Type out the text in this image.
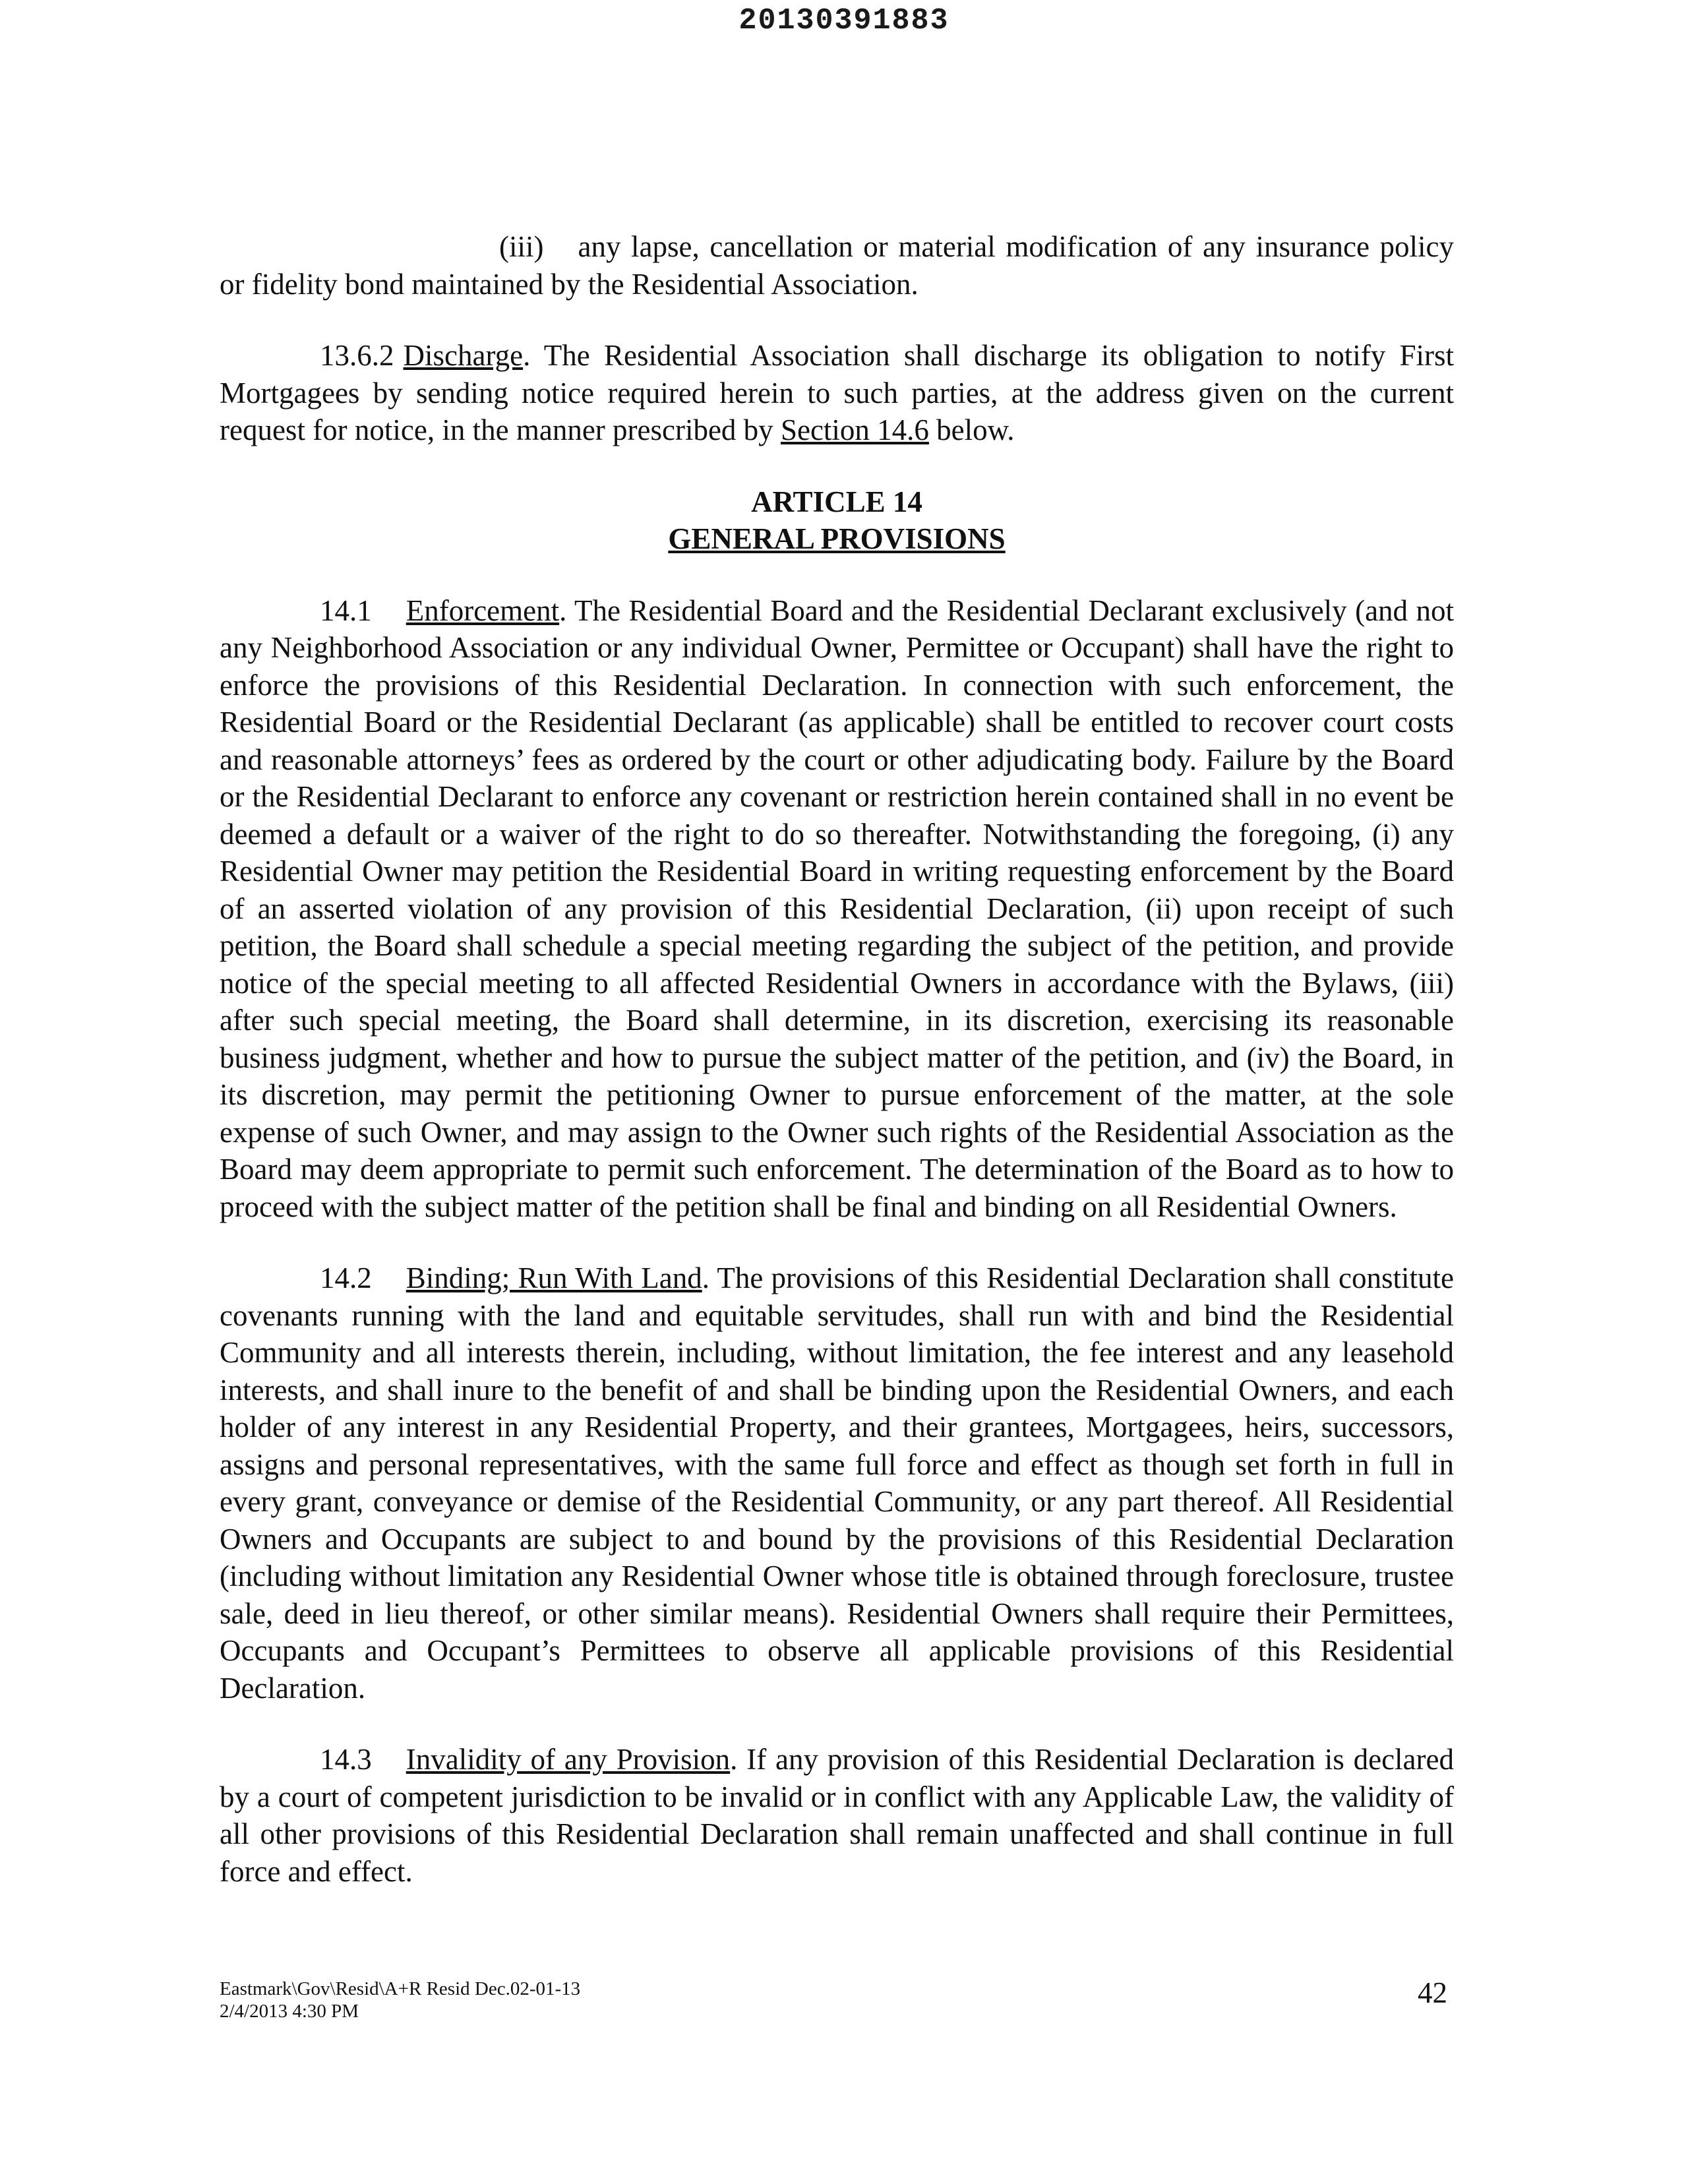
20130391883

(iii) any lapse, cancellation or material modification of any insurance policy or fidelity bond maintained by the Residential Association.

13.6.2 Discharge. The Residential Association shall discharge its obligation to notify First Mortgagees by sending notice required herein to such parties, at the address given on the current request for notice, in the manner prescribed by Section 14.6 below.

ARTICLE 14
GENERAL PROVISIONS

14.1 Enforcement. The Residential Board and the Residential Declarant exclusively (and not any Neighborhood Association or any individual Owner, Permittee or Occupant) shall have the right to enforce the provisions of this Residential Declaration. In connection with such enforcement, the Residential Board or the Residential Declarant (as applicable) shall be entitled to recover court costs and reasonable attorneys’ fees as ordered by the court or other adjudicating body. Failure by the Board or the Residential Declarant to enforce any covenant or restriction herein contained shall in no event be deemed a default or a waiver of the right to do so thereafter. Notwithstanding the foregoing, (i) any Residential Owner may petition the Residential Board in writing requesting enforcement by the Board of an asserted violation of any provision of this Residential Declaration, (ii) upon receipt of such petition, the Board shall schedule a special meeting regarding the subject of the petition, and provide notice of the special meeting to all affected Residential Owners in accordance with the Bylaws, (iii) after such special meeting, the Board shall determine, in its discretion, exercising its reasonable business judgment, whether and how to pursue the subject matter of the petition, and (iv) the Board, in its discretion, may permit the petitioning Owner to pursue enforcement of the matter, at the sole expense of such Owner, and may assign to the Owner such rights of the Residential Association as the Board may deem appropriate to permit such enforcement. The determination of the Board as to how to proceed with the subject matter of the petition shall be final and binding on all Residential Owners.

14.2 Binding; Run With Land. The provisions of this Residential Declaration shall constitute covenants running with the land and equitable servitudes, shall run with and bind the Residential Community and all interests therein, including, without limitation, the fee interest and any leasehold interests, and shall inure to the benefit of and shall be binding upon the Residential Owners, and each holder of any interest in any Residential Property, and their grantees, Mortgagees, heirs, successors, assigns and personal representatives, with the same full force and effect as though set forth in full in every grant, conveyance or demise of the Residential Community, or any part thereof. All Residential Owners and Occupants are subject to and bound by the provisions of this Residential Declaration (including without limitation any Residential Owner whose title is obtained through foreclosure, trustee sale, deed in lieu thereof, or other similar means). Residential Owners shall require their Permittees, Occupants and Occupant’s Permittees to observe all applicable provisions of this Residential Declaration.

14.3 Invalidity of any Provision. If any provision of this Residential Declaration is declared by a court of competent jurisdiction to be invalid or in conflict with any Applicable Law, the validity of all other provisions of this Residential Declaration shall remain unaffected and shall continue in full force and effect.

Eastmark\Gov\Resid\A+R Resid Dec.02-01-13
2/4/2013 4:30 PM
42
